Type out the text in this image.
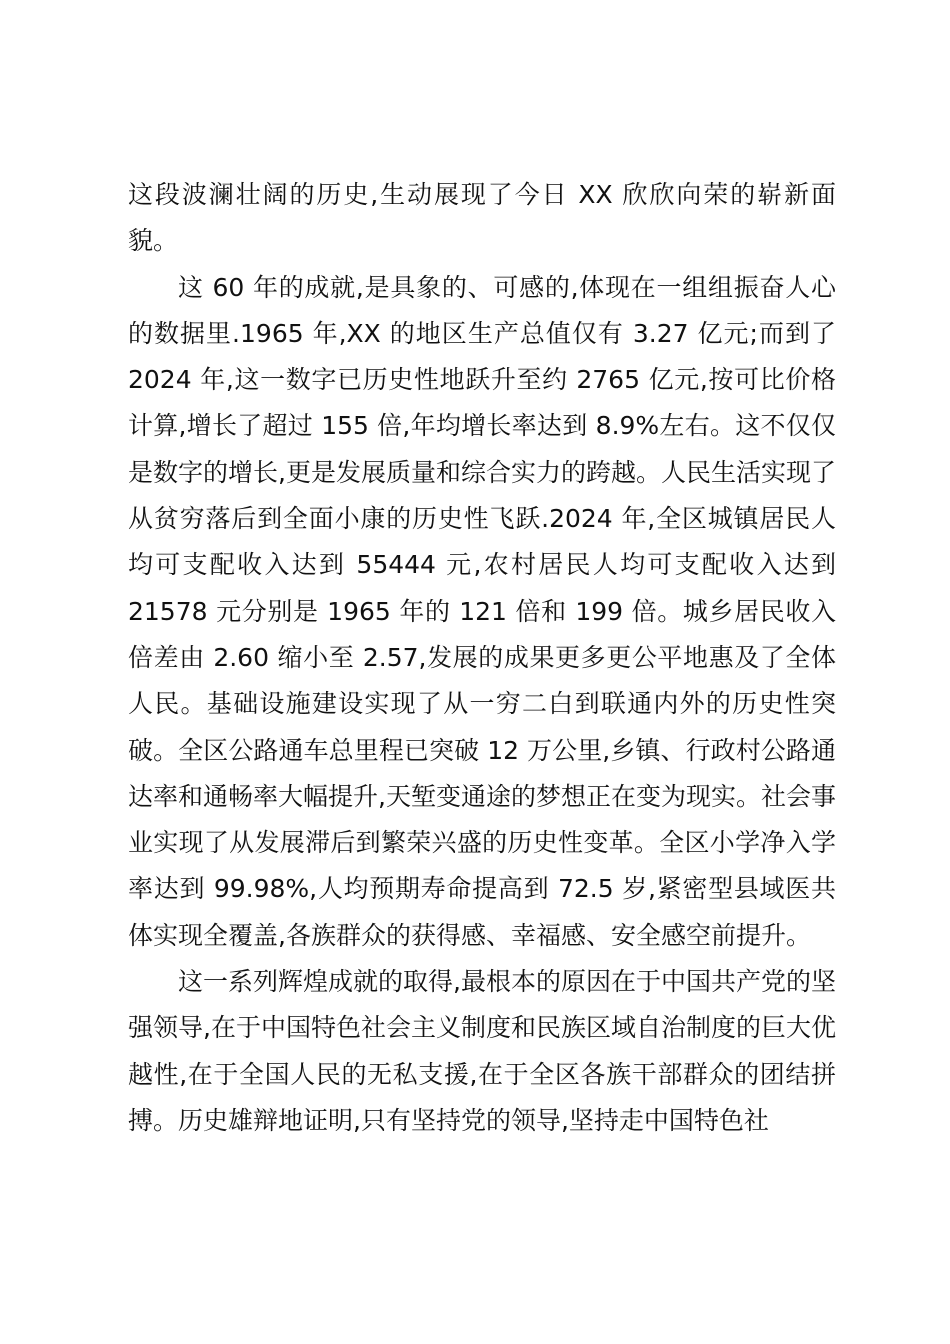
这段波澜壮阔的历史,生动展现了今日 XX 欣欣向荣的崭新面貌。

这 60 年的成就,是具象的、可感的,体现在一组组振奋人心的数据里.1965 年,XX 的地区生产总值仅有 3.27 亿元;而到了 2024 年,这一数字已历史性地跃升至约 2765 亿元,按可比价格计算,增长了超过 155 倍,年均增长率达到 8.9%左右。这不仅仅是数字的增长,更是发展质量和综合实力的跨越。人民生活实现了从贫穷落后到全面小康的历史性飞跃.2024 年,全区城镇居民人均可支配收入达到 55444 元,农村居民人均可支配收入达到 21578 元分别是 1965 年的 121 倍和 199 倍。城乡居民收入倍差由 2.60 缩小至 2.57,发展的成果更多更公平地惠及了全体人民。基础设施建设实现了从一穷二白到联通内外的历史性突破。全区公路通车总里程已突破 12 万公里,乡镇、行政村公路通达率和通畅率大幅提升,天堑变通途的梦想正在变为现实。社会事业实现了从发展滞后到繁荣兴盛的历史性变革。全区小学净入学率达到 99.98%,人均预期寿命提高到 72.5 岁,紧密型县域医共体实现全覆盖,各族群众的获得感、幸福感、安全感空前提升。

这一系列辉煌成就的取得,最根本的原因在于中国共产党的坚强领导,在于中国特色社会主义制度和民族区域自治制度的巨大优越性,在于全国人民的无私支援,在于全区各族干部群众的团结拼搏。历史雄辩地证明,只有坚持党的领导,坚持走中国特色社
